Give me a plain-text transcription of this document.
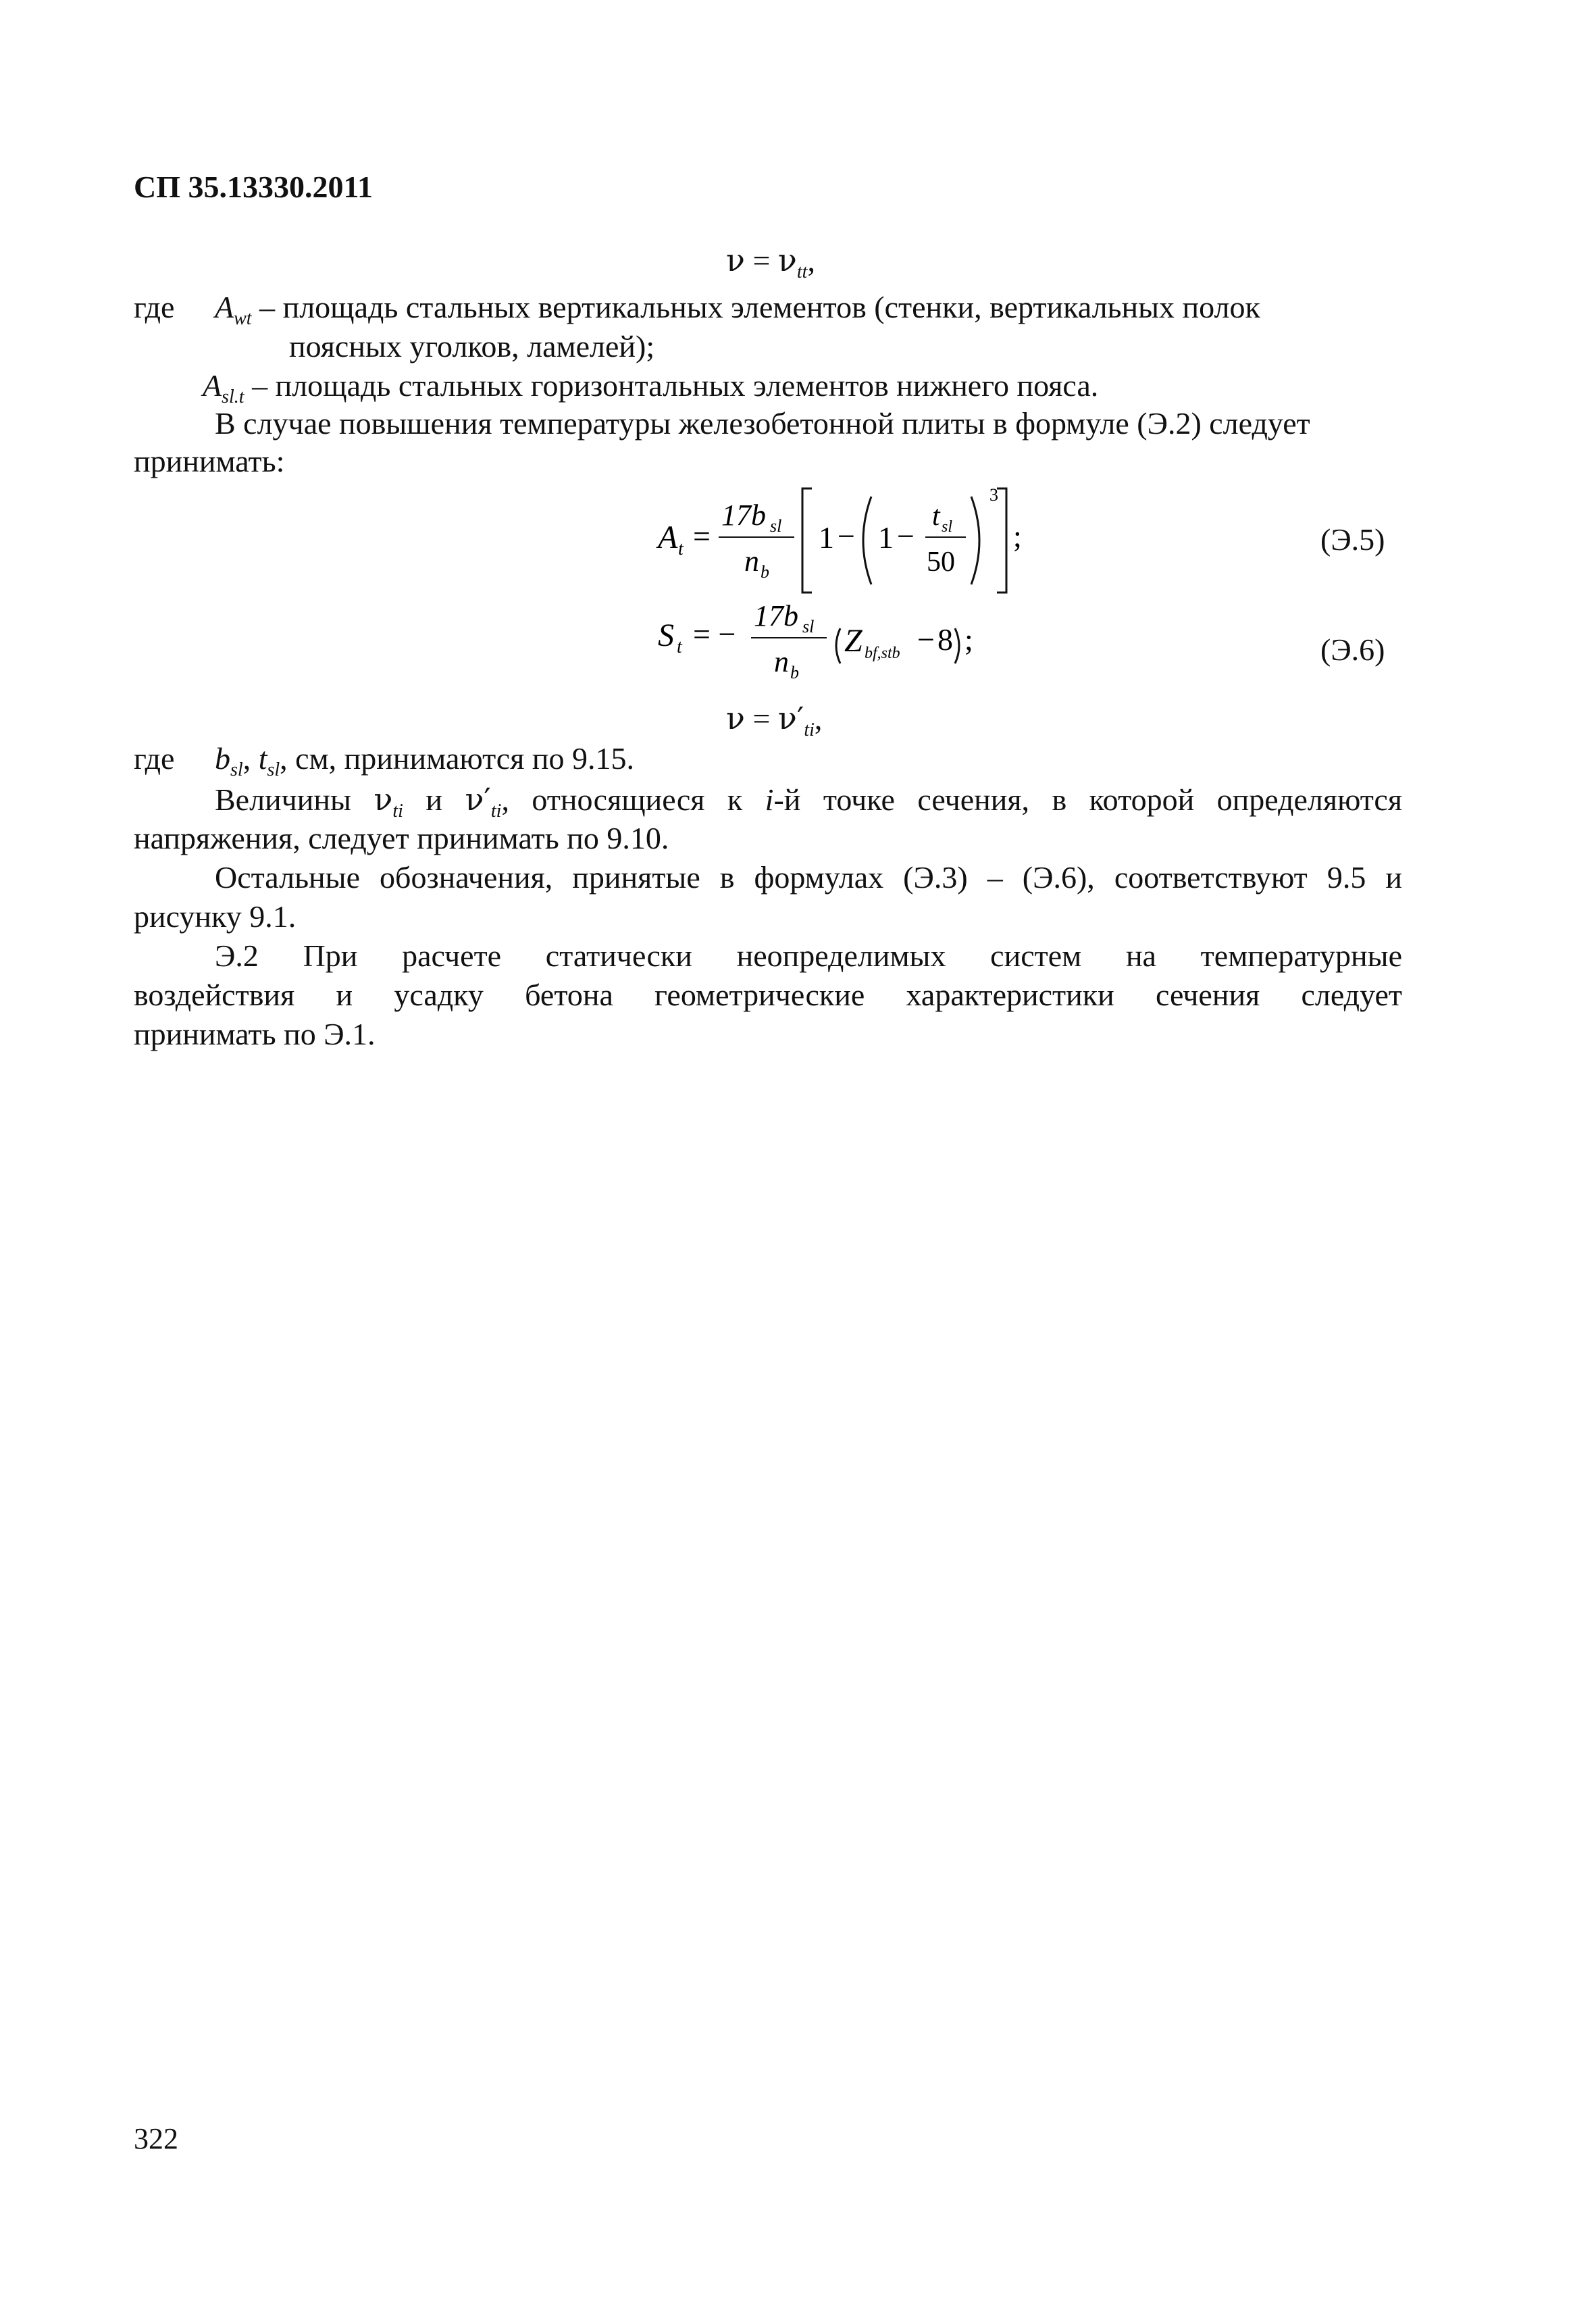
СП 35.13330.2011
$\nu = \nu_{tt}$,
где $A_{wt}$ – площадь стальных вертикальных элементов (стенки, вертикальных полок
поясных уголков, ламелей);
$A_{sl.t}$ – площадь стальных горизонтальных элементов нижнего пояса.
В случае повышения температуры железобетонной плиты в формуле (Э.2) следует
принимать:
A t =
17b sl
n b
1 − 1 −
t sl
50
3
;	(Э.5)
S t = −
17b sl
n b
Z bf,stb − 8 ;	(Э.6)
$\nu = \nu'_{ti}$,
где $b_{sl}$, $t_{sl}$, см, принимаются по 9.15.
Величины $\nu_{ti}$ и $\nu'_{ti}$, относящиеся к i-й точке сечения, в которой определяются
напряжения, следует принимать по 9.10.
Остальные обозначения, принятые в формулах (Э.3) – (Э.6), соответствуют 9.5 и
рисунку 9.1.
Э.2 При расчете статически неопределимых систем на температурные
воздействия и усадку бетона геометрические характеристики сечения следует
принимать по Э.1.
322
